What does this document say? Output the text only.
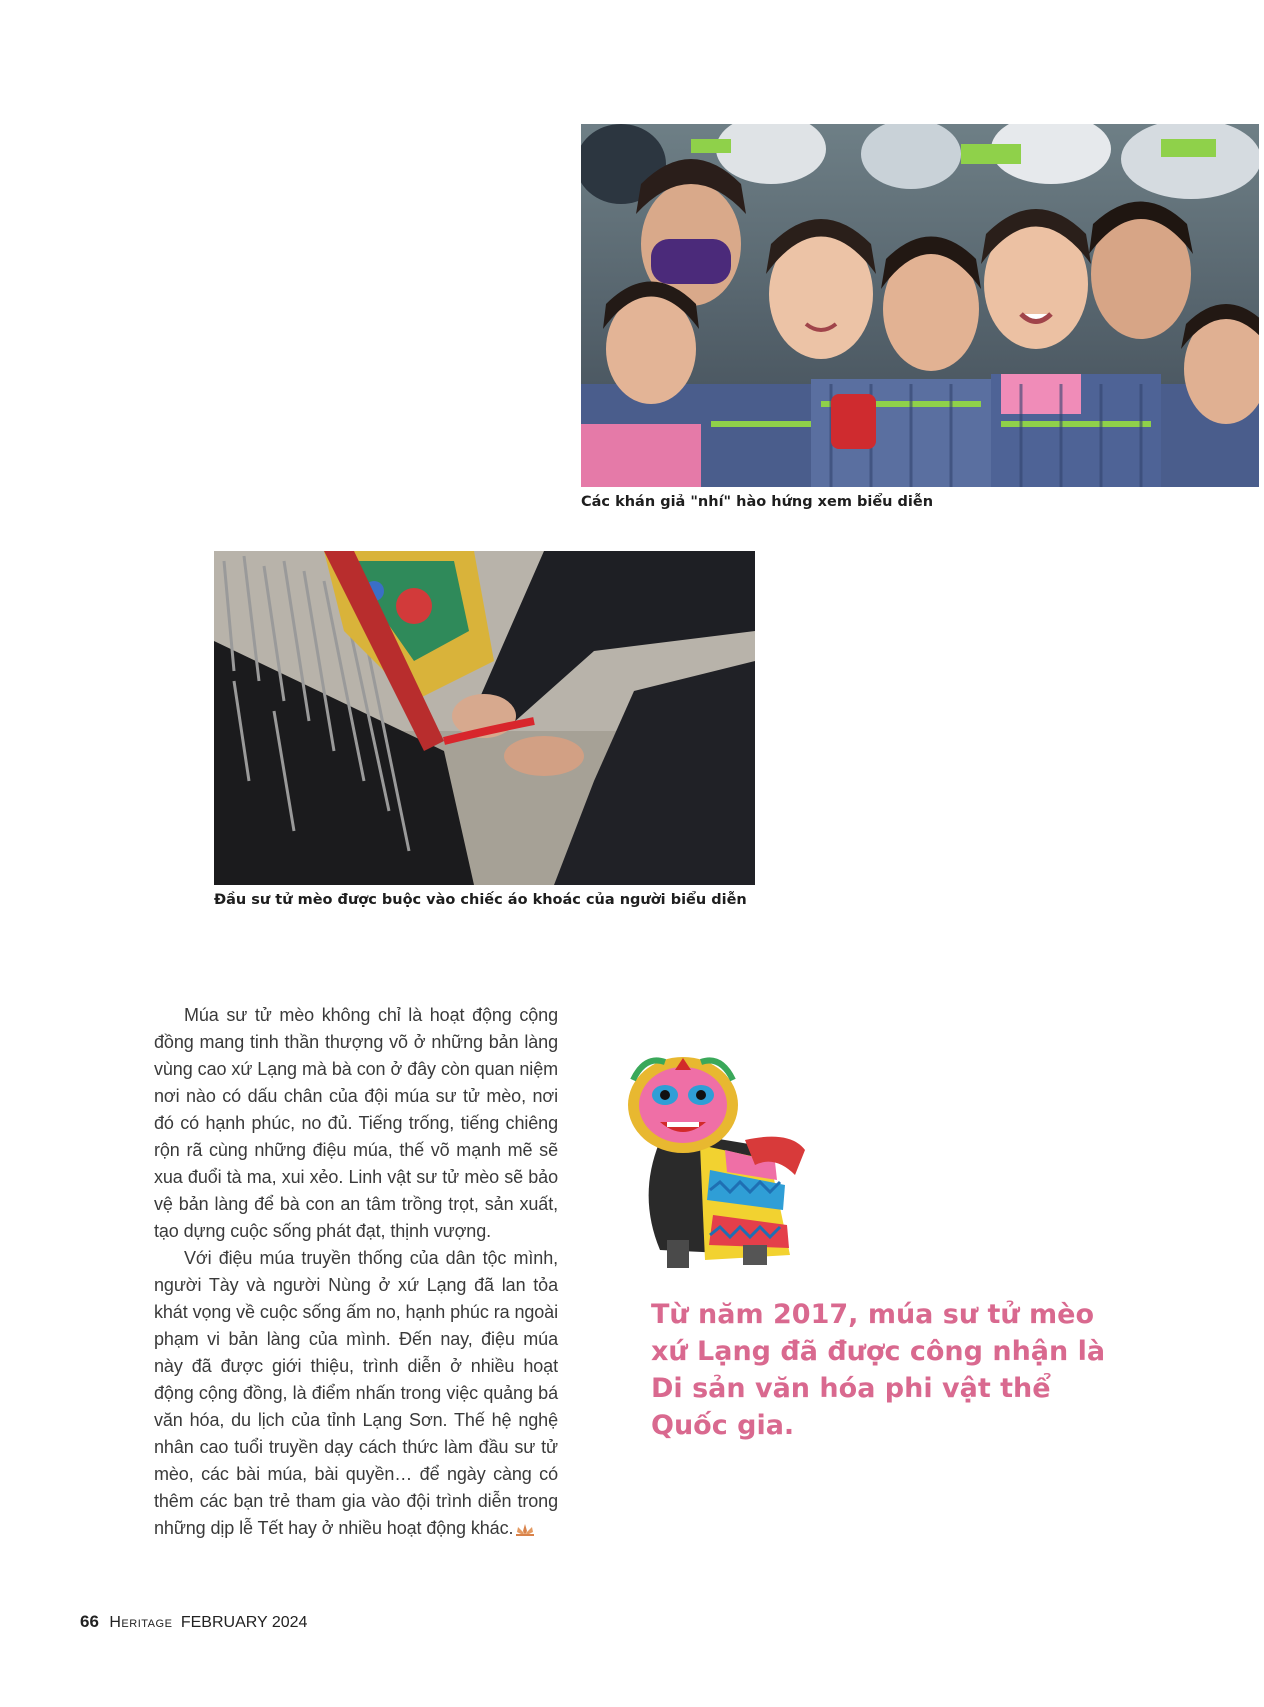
Các khán giả "nhí" hào hứng xem biểu diễn
Đầu sư tử mèo được buộc vào chiếc áo khoác của người biểu diễn

Múa sư tử mèo không chỉ là hoạt động cộng đồng mang tinh thần thượng võ ở những bản làng vùng cao xứ Lạng mà bà con ở đây còn quan niệm nơi nào có dấu chân của đội múa sư tử mèo, nơi đó có hạnh phúc, no đủ. Tiếng trống, tiếng chiêng rộn rã cùng những điệu múa, thế võ mạnh mẽ sẽ xua đuổi tà ma, xui xẻo. Linh vật sư tử mèo sẽ bảo vệ bản làng để bà con an tâm trồng trọt, sản xuất, tạo dựng cuộc sống phát đạt, thịnh vượng.

Với điệu múa truyền thống của dân tộc mình, người Tày và người Nùng ở xứ Lạng đã lan tỏa khát vọng về cuộc sống ấm no, hạnh phúc ra ngoài phạm vi bản làng của mình. Đến nay, điệu múa này đã được giới thiệu, trình diễn ở nhiều hoạt động cộng đồng, là điểm nhấn trong việc quảng bá văn hóa, du lịch của tỉnh Lạng Sơn. Thế hệ nghệ nhân cao tuổi truyền dạy cách thức làm đầu sư tử mèo, các bài múa, bài quyền… để ngày càng có thêm các bạn trẻ tham gia vào đội trình diễn trong những dịp lễ Tết hay ở nhiều hoạt động khác.

Từ năm 2017, múa sư tử mèo xứ Lạng đã được công nhận là Di sản văn hóa phi vật thể Quốc gia.
66 Heritage FEBRUARY 2024
